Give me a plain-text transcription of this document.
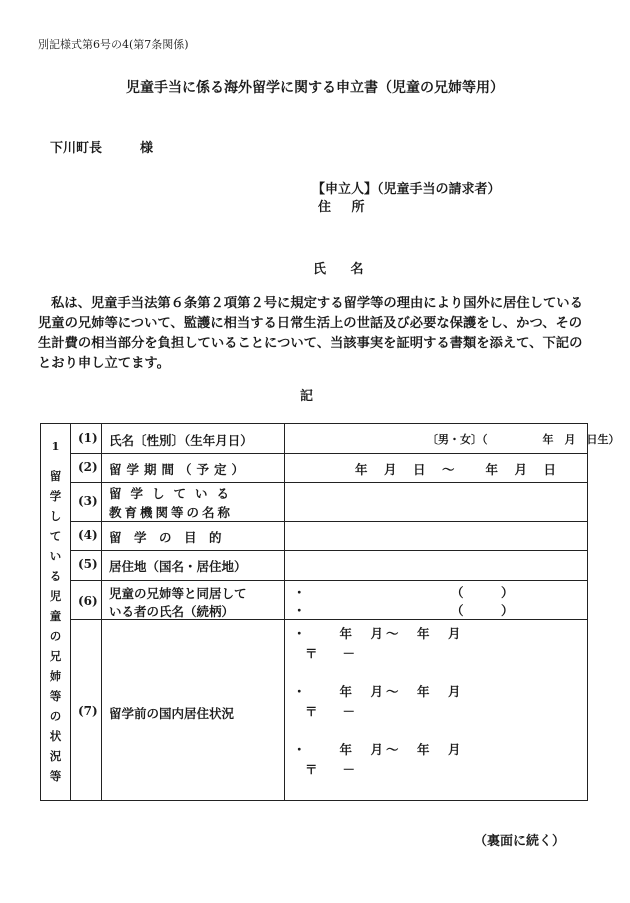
別記様式第6号の4(第7条関係)
児童手当に係る海外留学に関する申立書（児童の兄姉等用）
下川町長	様
【申立人】（児童手当の請求者）
住 所
氏 名
私は、児童手当法第６条第２項第２号に規定する留学等の理由により国外に居住している児童の兄姉等について、監護に相当する日常生活上の世話及び必要な保護をし、かつ、その生計費の相当部分を負担していることについて、当該事実を証明する書類を添えて、下記のとおり申し立てます。
記
1
留
学
し
て
い
る
児
童
の
兄
姉
等
の
状
況
等
(1) 氏名〔性別〕（生年月日）	〔男・女〕（　　　　　年　月　日生）
(2) 留学期間（予定）	年　月　日　～　　年　月　日
(3) 留学している
教育機関等の名称
(4) 留　学　の　目　的
(5) 居住地（国名・居住地）
(6) 児童の兄姉等と同居して
いる者の氏名（続柄）
・	（　　　）
・	（　　　）
(7) 留学前の国内居住状況
・　　年　月～　年　月
〒　　－
・　　年　月～　年　月
〒　　－
・　　年　月～　年　月
〒　　－
（裏面に続く）
